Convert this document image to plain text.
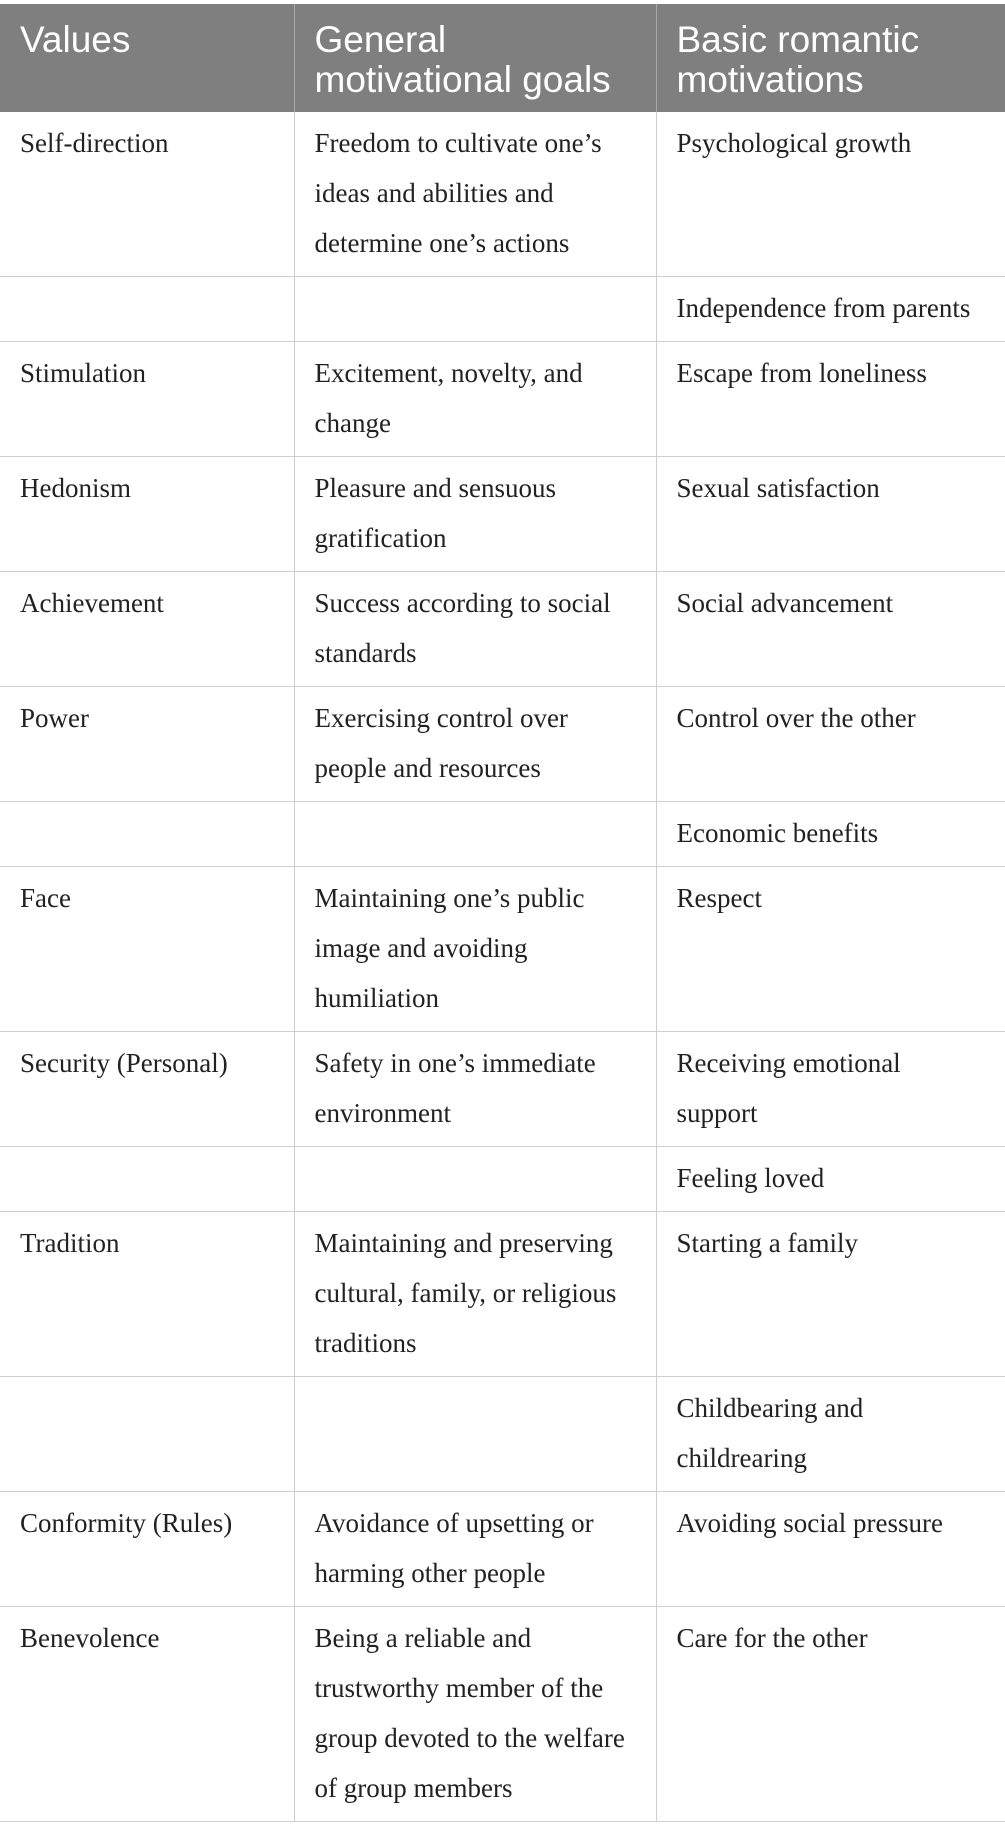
Values	General motivational goals	Basic romantic motivations
Self-direction	Freedom to cultivate one’s ideas and abilities and determine one’s actions	Psychological growth
		Independence from parents
Stimulation	Excitement, novelty, and change	Escape from loneliness
Hedonism	Pleasure and sensuous gratification	Sexual satisfaction
Achievement	Success according to social standards	Social advancement
Power	Exercising control over people and resources	Control over the other
		Economic benefits
Face	Maintaining one’s public image and avoiding humiliation	Respect
Security (Personal)	Safety in one’s immediate environment	Receiving emotional support
		Feeling loved
Tradition	Maintaining and preserving cultural, family, or religious traditions	Starting a family
		Childbearing and childrearing
Conformity (Rules)	Avoidance of upsetting or harming other people	Avoiding social pressure
Benevolence	Being a reliable and trustworthy member of the group devoted to the welfare of group members	Care for the other
